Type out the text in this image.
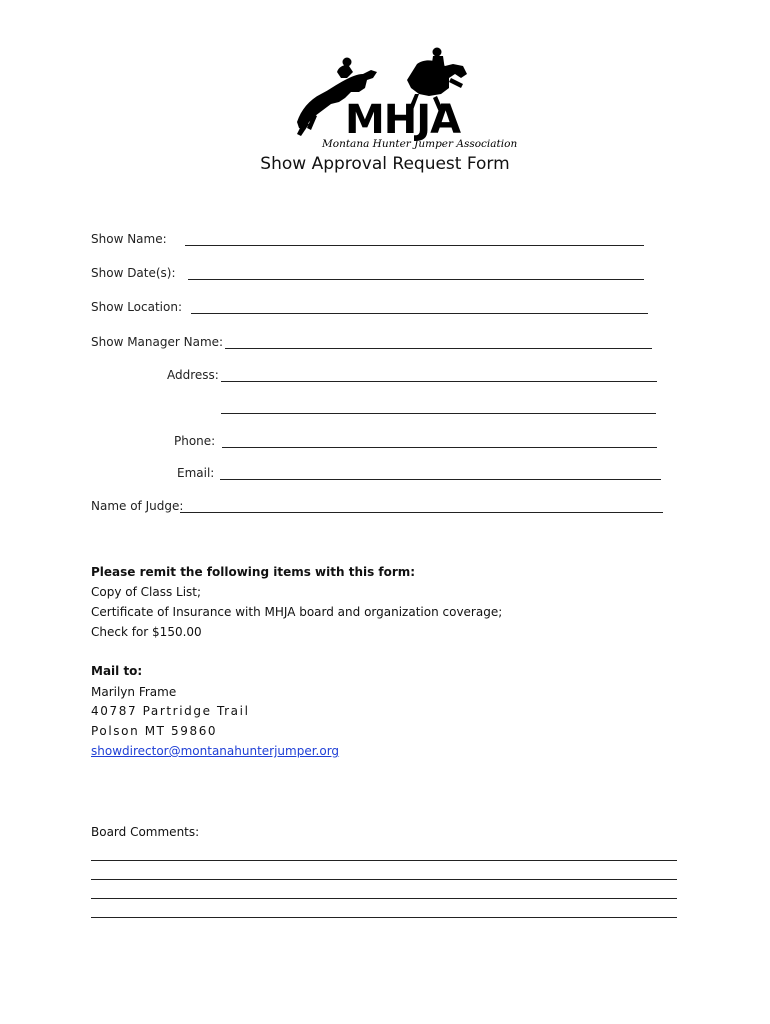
MHJA
Montana Hunter Jumper Association
Show Approval Request Form
Show Name:
Show Date(s):
Show Location:
Show Manager Name:
Address:
Phone:
Email:
Name of Judge:
Please remit the following items with this form:
Copy of Class List;
Certificate of Insurance with MHJA board and organization coverage;
Check for $150.00
Mail to:
Marilyn Frame
40787 Partridge Trail
Polson MT 59860
showdirector@montanahunterjumper.org
Board Comments:
